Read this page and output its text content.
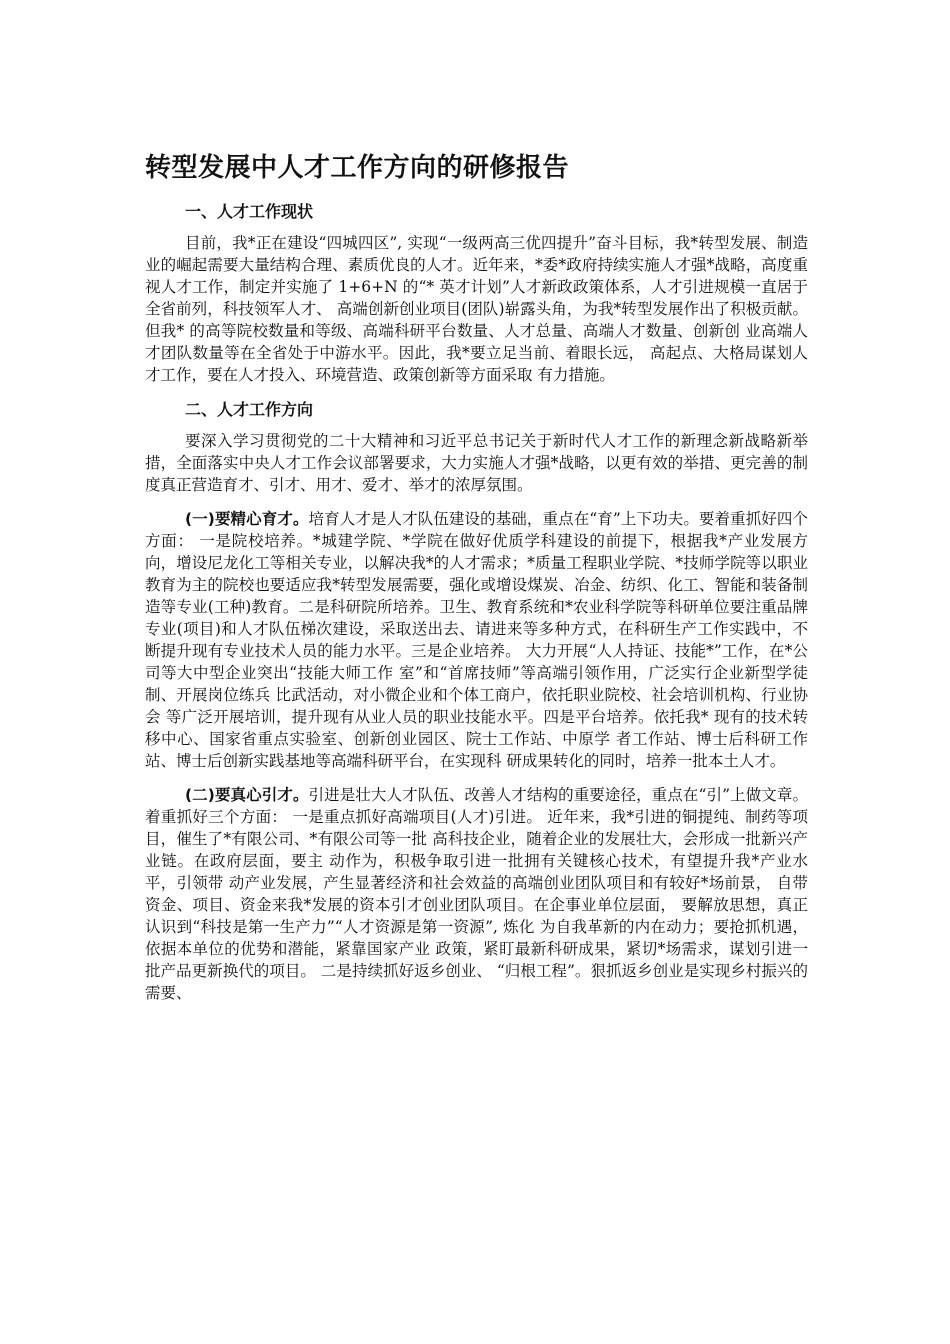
转型发展中人才工作方向的研修报告
一、人才工作现状

目前，我*正在建设“四城四区”, 实现“一级两高三优四提升”奋斗目标，我*转型发展、制造业的崛起需要大量结构合理、素质优良的人才。近年来，*委*政府持续实施人才强*战略，高度重视人才工作，制定并实施了 1+6+N 的“* 英才计划”人才新政政策体系，人才引进规模一直居于全省前列，科技领军人才、 高端创新创业项目(团队)崭露头角，为我*转型发展作出了积极贡献。但我* 的高等院校数量和等级、高端科研平台数量、人才总量、高端人才数量、创新创 业高端人才团队数量等在全省处于中游水平。因此，我*要立足当前、着眼长远， 高起点、大格局谋划人才工作，要在人才投入、环境营造、政策创新等方面采取 有力措施。

二、人才工作方向

要深入学习贯彻党的二十大精神和习近平总书记关于新时代人才工作的新理念新战略新举措，全面落实中央人才工作会议部署要求，大力实施人才强*战略，以更有效的举措、更完善的制度真正营造育才、引才、用才、爱才、举才的浓厚氛围。

(一)要精心育才。培育人才是人才队伍建设的基础，重点在“育”上下功夫。要着重抓好四个方面： 一是院校培养。*城建学院、*学院在做好优质学科建设的前提下，根据我*产业发展方向，增设尼龙化工等相关专业，以解决我*的人才需求；*质量工程职业学院、*技师学院等以职业教育为主的院校也要适应我*转型发展需要，强化或增设煤炭、冶金、纺织、化工、智能和装备制造等专业(工种)教育。二是科研院所培养。卫生、教育系统和*农业科学院等科研单位要注重品牌专业(项目)和人才队伍梯次建设，采取送出去、请进来等多种方式，在科研生产工作实践中，不断提升现有专业技术人员的能力水平。三是企业培养。 大力开展“人人持证、技能*”工作，在*公司等大中型企业突出“技能大师工作 室”和“首席技师”等高端引领作用，广泛实行企业新型学徒制、开展岗位练兵 比武活动，对小微企业和个体工商户，依托职业院校、社会培训机构、行业协会 等广泛开展培训，提升现有从业人员的职业技能水平。四是平台培养。依托我* 现有的技术转移中心、国家省重点实验室、创新创业园区、院士工作站、中原学 者工作站、博士后科研工作站、博士后创新实践基地等高端科研平台，在实现科 研成果转化的同时，培养一批本土人才。

(二)要真心引才。引进是壮大人才队伍、改善人才结构的重要途径，重点在“引”上做文章。着重抓好三个方面： 一是重点抓好高端项目(人才)引进。 近年来，我*引进的铜提纯、制药等项目，催生了*有限公司、*有限公司等一批 高科技企业，随着企业的发展壮大，会形成一批新兴产业链。在政府层面，要主 动作为，积极争取引进一批拥有关键核心技术，有望提升我*产业水平，引领带 动产业发展，产生显著经济和社会效益的高端创业团队项目和有较好*场前景， 自带资金、项目、资金来我*发展的资本引才创业团队项目。在企事业单位层面， 要解放思想，真正认识到“科技是第一生产力”“人才资源是第一资源”, 炼化 为自我革新的内在动力；要抢抓机遇，依据本单位的优势和潜能，紧靠国家产业 政策，紧盯最新科研成果，紧切*场需求，谋划引进一批产品更新换代的项目。 二是持续抓好返乡创业、 “归根工程”。狠抓返乡创业是实现乡村振兴的需要、
